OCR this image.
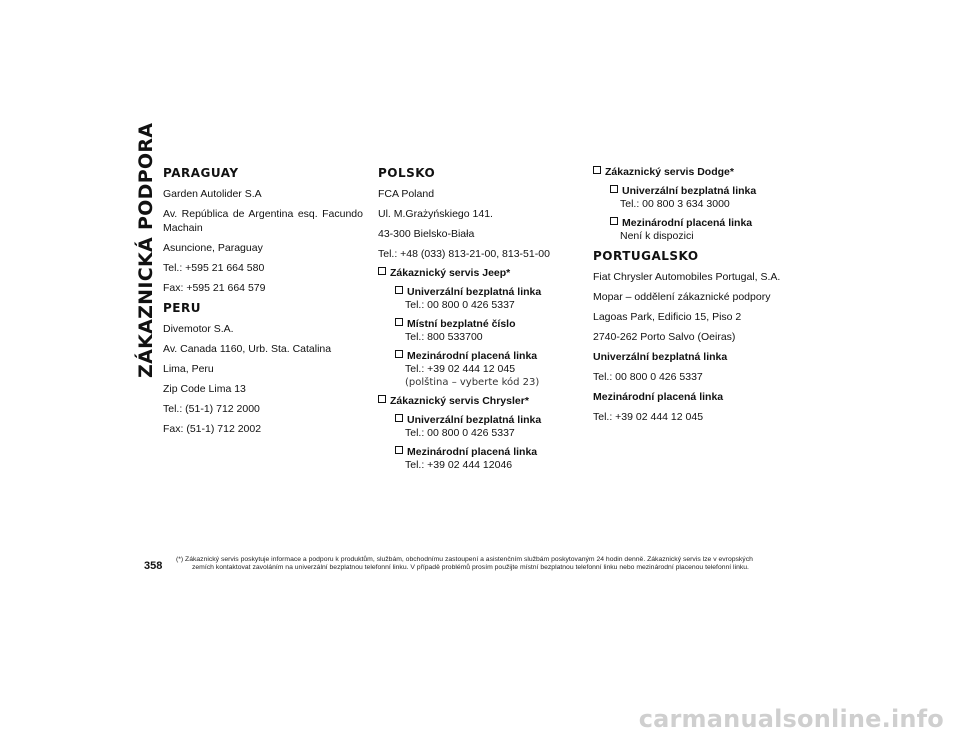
ZÁKAZNICKÁ PODPORA PARAGUAY

Garden Autolider S.A

Av. República de Argentina esq. Facundo Machain

Asuncione, Paraguay

Tel.: +595 21 664 580

Fax: +595 21 664 579

PERU

Divemotor S.A.

Av. Canada 1160, Urb. Sta. Catalina

Lima, Peru

Zip Code Lima 13

Tel.: (51-1) 712 2000

Fax: (51-1) 712 2002

POLSKO

FCA Poland

Ul. M.Grażyńskiego 141.

43-300 Bielsko-Biała

Tel.: +48 (033) 813-21-00, 813-51-00

Zákaznický servis Jeep*
Univerzální bezplatná linka
Tel.: 00 800 0 426 5337
Místní bezplatné číslo
Tel.: 800 533700
Mezinárodní placená linka
Tel.: +39 02 444 12 045
(polština – vyberte kód 23)
Zákaznický servis Chrysler*
Univerzální bezplatná linka
Tel.: 00 800 0 426 5337
Mezinárodní placená linka
Tel.: +39 02 444 12046
Zákaznický servis Dodge*
Univerzální bezplatná linka
Tel.: 00 800 3 634 3000
Mezinárodní placená linka
Není k dispozici
PORTUGALSKO

Fiat Chrysler Automobiles Portugal, S.A.

Mopar – oddělení zákaznické podpory

Lagoas Park, Edificio 15, Piso 2

2740-262 Porto Salvo (Oeiras)

Univerzální bezplatná linka

Tel.: 00 800 0 426 5337

Mezinárodní placená linka

Tel.: +39 02 444 12 045

358
(*) Zákaznický servis poskytuje informace a podporu k produktům, službám, obchodnímu zastoupení a asistenčním službám poskytovaným 24 hodin denně. Zákaznický servis lze v evropských
zemích kontaktovat zavoláním na univerzální bezplatnou telefonní linku. V případě problémů prosím použijte místní bezplatnou telefonní linku nebo mezinárodní placenou telefonní linku.
carmanualsonline.info
